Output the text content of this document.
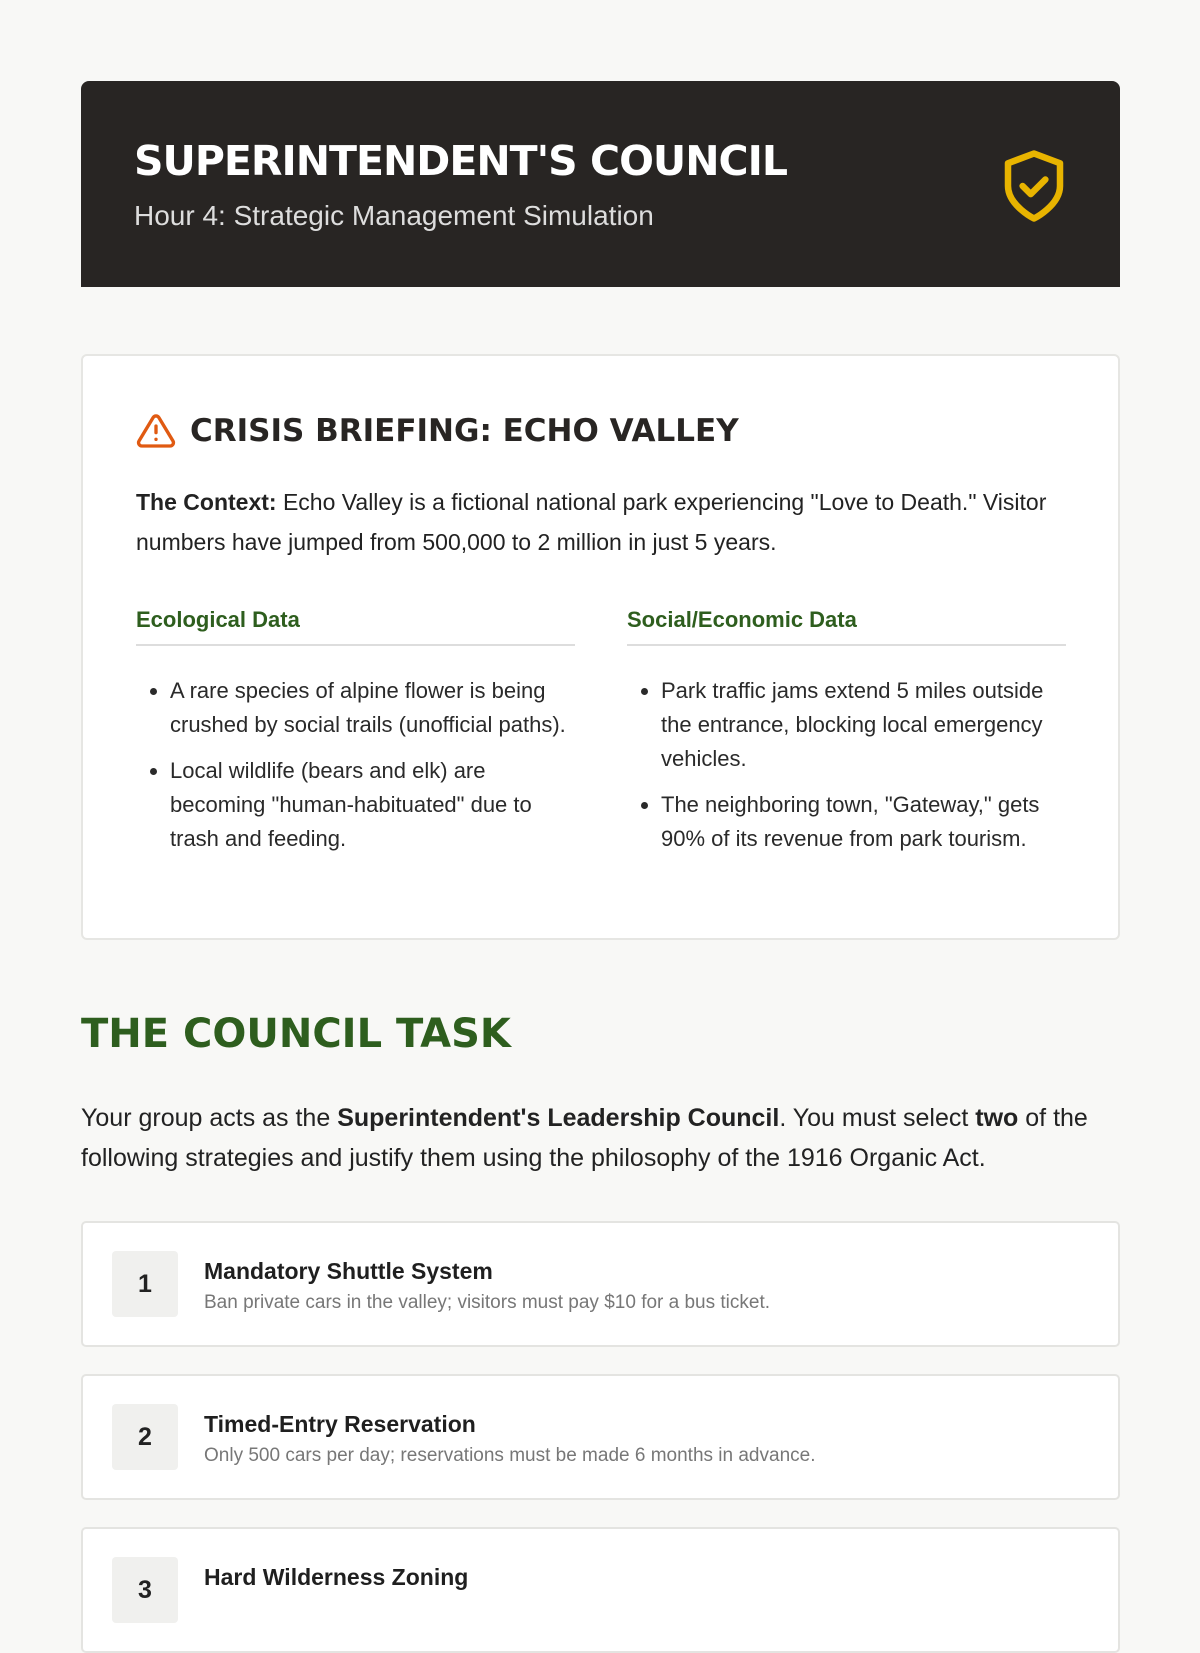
SUPERINTENDENT'S COUNCIL

Hour 4: Strategic Management Simulation

CRISIS BRIEFING: ECHO VALLEY

The Context: Echo Valley is a fictional national park experiencing "Love to Death." Visitor numbers have jumped from 500,000 to 2 million in just 5 years.

Ecological Data
• A rare species of alpine flower is being crushed by social trails (unofficial paths).
• Local wildlife (bears and elk) are becoming "human-habituated" due to trash and feeding.
Social/Economic Data
• Park traffic jams extend 5 miles outside the entrance, blocking local emergency vehicles.
• The neighboring town, "Gateway," gets 90% of its revenue from park tourism.
THE COUNCIL TASK

Your group acts as the Superintendent's Leadership Council. You must select two of the following strategies and justify them using the philosophy of the 1916 Organic Act.

1	Mandatory Shuttle System

Ban private cars in the valley; visitors must pay $10 for a bus ticket.

2	Timed-Entry Reservation

Only 500 cars per day; reservations must be made 6 months in advance.

3	Hard Wilderness Zoning
